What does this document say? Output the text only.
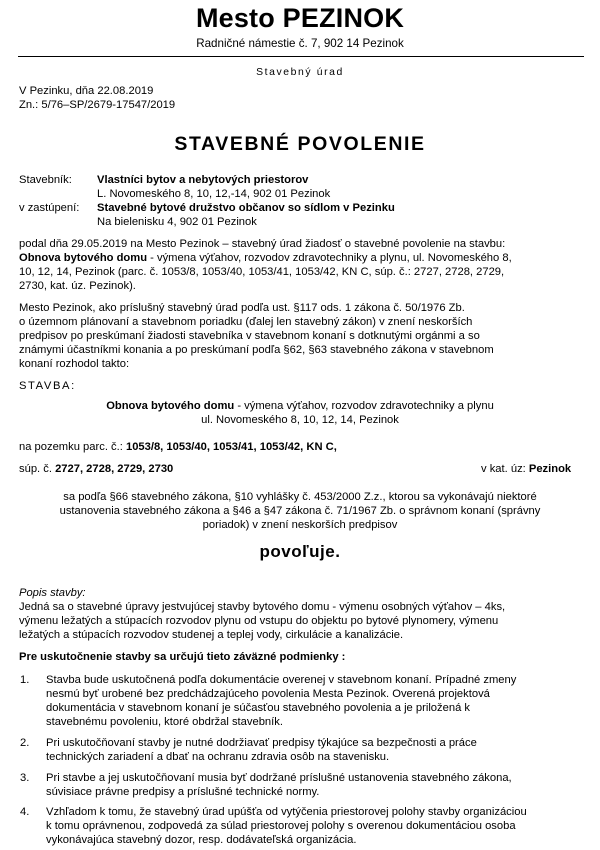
Mesto PEZINOK
Radničné námestie č. 7, 902 14 Pezinok
Stavebný úrad
V Pezinku, dňa 22.08.2019
Zn.: 5/76–SP/2679-17547/2019
STAVEBNÉ POVOLENIE
Stavebník: Vlastníci bytov a nebytových priestorov
L. Novomeského 8, 10, 12,-14, 902 01 Pezinok
v zastúpení: Stavebné bytové družstvo občanov so sídlom v Pezinku
Na bielenisku 4, 902 01 Pezinok
podal dňa 29.05.2019 na Mesto Pezinok – stavebný úrad žiadosť o stavebné povolenie na stavbu:
Obnova bytového domu - výmena výťahov, rozvodov zdravotechniky a plynu, ul. Novomeského 8,
10, 12, 14, Pezinok (parc. č. 1053/8, 1053/40, 1053/41, 1053/42, KN C, súp. č.: 2727, 2728, 2729,
2730, kat. úz. Pezinok).
Mesto Pezinok, ako príslušný stavebný úrad podľa ust. §117 ods. 1 zákona č. 50/1976 Zb.
o územnom plánovaní a stavebnom poriadku (ďalej len stavebný zákon) v znení neskorších
predpisov po preskúmaní žiadosti stavebníka v stavebnom konaní s dotknutými orgánmi a so
známymi účastníkmi konania a po preskúmaní podľa §62, §63 stavebného zákona v stavebnom
konaní rozhodol takto:
STAVBA:
Obnova bytového domu - výmena výťahov, rozvodov zdravotechniky a plynu
ul. Novomeského 8, 10, 12, 14, Pezinok
na pozemku parc. č.: 1053/8, 1053/40, 1053/41, 1053/42, KN C,
súp. č. 2727, 2728, 2729, 2730	v kat. úz: Pezinok
sa podľa §66 stavebného zákona, §10 vyhlášky č. 453/2000 Z.z., ktorou sa vykonávajú niektoré
ustanovenia stavebného zákona a §46 a §47 zákona č. 71/1967 Zb. o správnom konaní (správny
poriadok) v znení neskorších predpisov
povoľuje.
Popis stavby:
Jedná sa o stavebné úpravy jestvujúcej stavby bytového domu - výmenu osobných výťahov – 4ks,
výmenu ležatých a stúpacích rozvodov plynu od vstupu do objektu po bytové plynomery, výmenu
ležatých a stúpacích rozvodov studenej a teplej vody, cirkulácie a kanalizácie.
Pre uskutočnenie stavby sa určujú tieto záväzné podmienky :
1. Stavba bude uskutočnená podľa dokumentácie overenej v stavebnom konaní. Prípadné zmeny
nesmú byť urobené bez predchádzajúceho povolenia Mesta Pezinok. Overená projektová
dokumentácia v stavebnom konaní je súčasťou stavebného povolenia a je priložená k
stavebnému povoleniu, ktoré obdržal stavebník.
2. Pri uskutočňovaní stavby je nutné dodržiavať predpisy týkajúce sa bezpečnosti a práce
technických zariadení a dbať na ochranu zdravia osôb na stavenisku.
3. Pri stavbe a jej uskutočňovaní musia byť dodržané príslušné ustanovenia stavebného zákona,
súvisiace právne predpisy a príslušné technické normy.
4. Vzhľadom k tomu, že stavebný úrad upúšťa od vytýčenia priestorovej polohy stavby organizáciou
k tomu oprávnenou, zodpovedá za súlad priestorovej polohy s overenou dokumentáciou osoba
vykonávajúca stavebný dozor, resp. dodávateľská organizácia.
